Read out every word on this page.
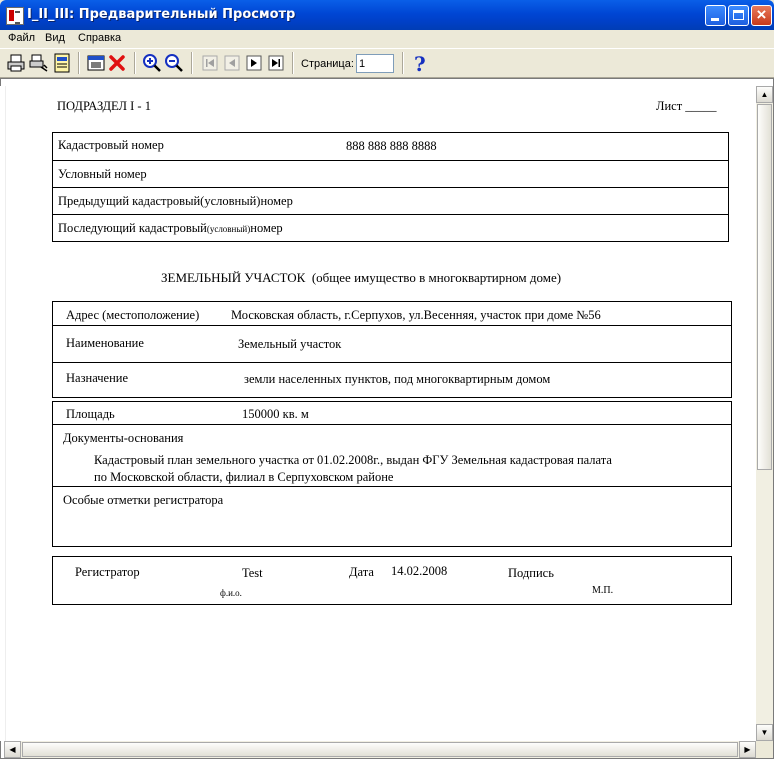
I_II_III: Предварительный Просмотр	×
Файл Вид Справка
Страница:
1	?
▲
▼
◀	▶
ПОДРАЗДЕЛ I - 1	Лист _____
Кадастровый номер	888 888 888 8888
Условный номер
Предыдущий кадастровый(условный)номер
Последующий кадастровый(условный)номер
ЗЕМЕЛЬНЫЙ УЧАСТОК (общее имущество в многоквартирном доме)
Адрес (местоположение)	Московская область, г.Серпухов, ул.Весенняя, участок при доме №56
Наименование	Земельный участок
Назначение	земли населенных пунктов, под многоквартирным домом
Площадь	150000 кв. м
Документы-основания
Кадастровый план земельного участка от 01.02.2008г., выдан ФГУ Земельная кадастровая палата
по Московской области, филиал в Серпуховском районе
Особые отметки регистратора
Регистратор	Test
ф.и.о.
Дата 14.02.2008	Подпись
М.П.
